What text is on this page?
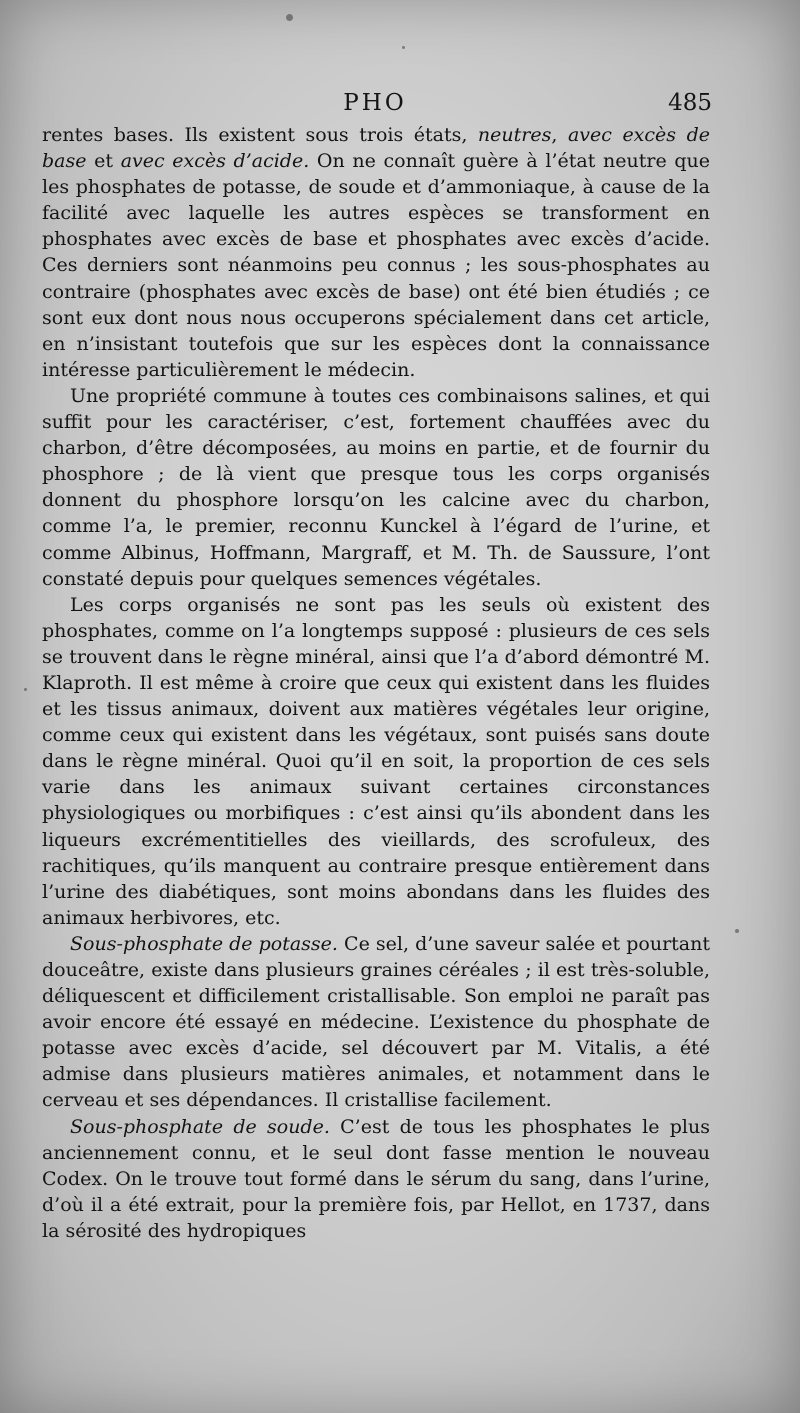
PHO	485

rentes bases. Ils existent sous trois états, neutres, avec excès de base et avec excès d’acide. On ne connaît guère à l’état neutre que les phosphates de potasse, de soude et d’ammoniaque, à cause de la facilité avec laquelle les autres espèces se transforment en phosphates avec excès de base et phosphates avec excès d’acide. Ces derniers sont néanmoins peu connus ; les sous-phosphates au contraire (phosphates avec excès de base) ont été bien étudiés ; ce sont eux dont nous nous occuperons spécialement dans cet article, en n’insistant toutefois que sur les espèces dont la connaissance intéresse particulièrement le médecin.

Une propriété commune à toutes ces combinaisons salines, et qui suffit pour les caractériser, c’est, fortement chauffées avec du charbon, d’être décomposées, au moins en partie, et de fournir du phosphore ; de là vient que presque tous les corps organisés donnent du phosphore lorsqu’on les calcine avec du charbon, comme l’a, le premier, reconnu Kunckel à l’égard de l’urine, et comme Albinus, Hoffmann, Margraff, et M. Th. de Saussure, l’ont constaté depuis pour quelques semences végétales.

Les corps organisés ne sont pas les seuls où existent des phosphates, comme on l’a longtemps supposé : plusieurs de ces sels se trouvent dans le règne minéral, ainsi que l’a d’abord démontré M. Klaproth. Il est même à croire que ceux qui existent dans les fluides et les tissus animaux, doivent aux matières végétales leur origine, comme ceux qui existent dans les végétaux, sont puisés sans doute dans le règne minéral. Quoi qu’il en soit, la proportion de ces sels varie dans les animaux suivant certaines circonstances physiologiques ou morbifiques : c’est ainsi qu’ils abondent dans les liqueurs excrémentitielles des vieillards, des scrofuleux, des rachitiques, qu’ils manquent au contraire presque entièrement dans l’urine des diabétiques, sont moins abondans dans les fluides des animaux herbivores, etc.

Sous-phosphate de potasse. Ce sel, d’une saveur salée et pourtant douceâtre, existe dans plusieurs graines céréales ; il est très-soluble, déliquescent et difficilement cristallisable. Son emploi ne paraît pas avoir encore été essayé en médecine. L’existence du phosphate de potasse avec excès d’acide, sel découvert par M. Vitalis, a été admise dans plusieurs matières animales, et notamment dans le cerveau et ses dépendances. Il cristallise facilement.

Sous-phosphate de soude. C’est de tous les phosphates le plus anciennement connu, et le seul dont fasse mention le nouveau Codex. On le trouve tout formé dans le sérum du sang, dans l’urine, d’où il a été extrait, pour la première fois, par Hellot, en 1737, dans la sérosité des hydropiques
